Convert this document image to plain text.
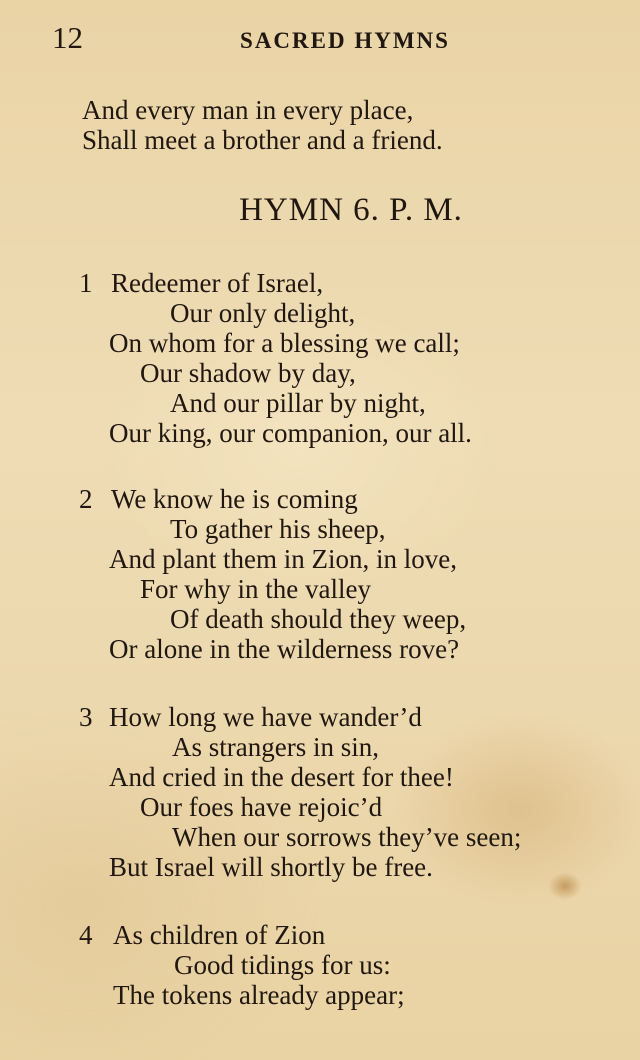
12	SACRED HYMNS
And every man in every place,
Shall meet a brother and a friend.
HYMN 6. P. M.
1 Redeemer of Israel,
Our only delight,
On whom for a blessing we call;
Our shadow by day,
And our pillar by night,
Our king, our companion, our all.
2 We know he is coming
To gather his sheep,
And plant them in Zion, in love,
For why in the valley
Of death should they weep,
Or alone in the wilderness rove?
3 How long we have wander’d
As strangers in sin,
And cried in the desert for thee!
Our foes have rejoic’d
When our sorrows they’ve seen;
But Israel will shortly be free.
4 As children of Zion
Good tidings for us:
The tokens already appear;
